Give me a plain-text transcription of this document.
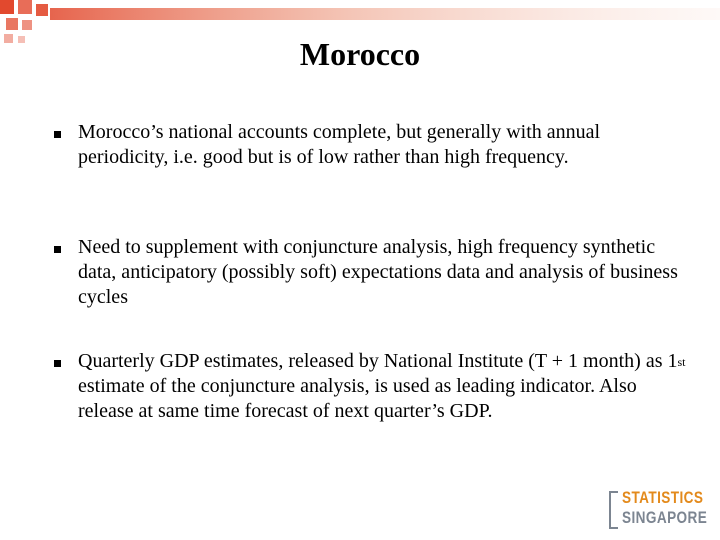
Morocco
Morocco’s national accounts complete, but generally with annual periodicity, i.e. good but is of low rather than high frequency.
Need to supplement with conjuncture analysis, high frequency synthetic data, anticipatory (possibly soft) expectations data and analysis of business cycles
Quarterly GDP estimates, released by National Institute (T + 1 month) as 1st estimate of the conjuncture analysis, is used as leading indicator. Also release at same time forecast of next quarter’s GDP.
STATISTICS
SINGAPORE
